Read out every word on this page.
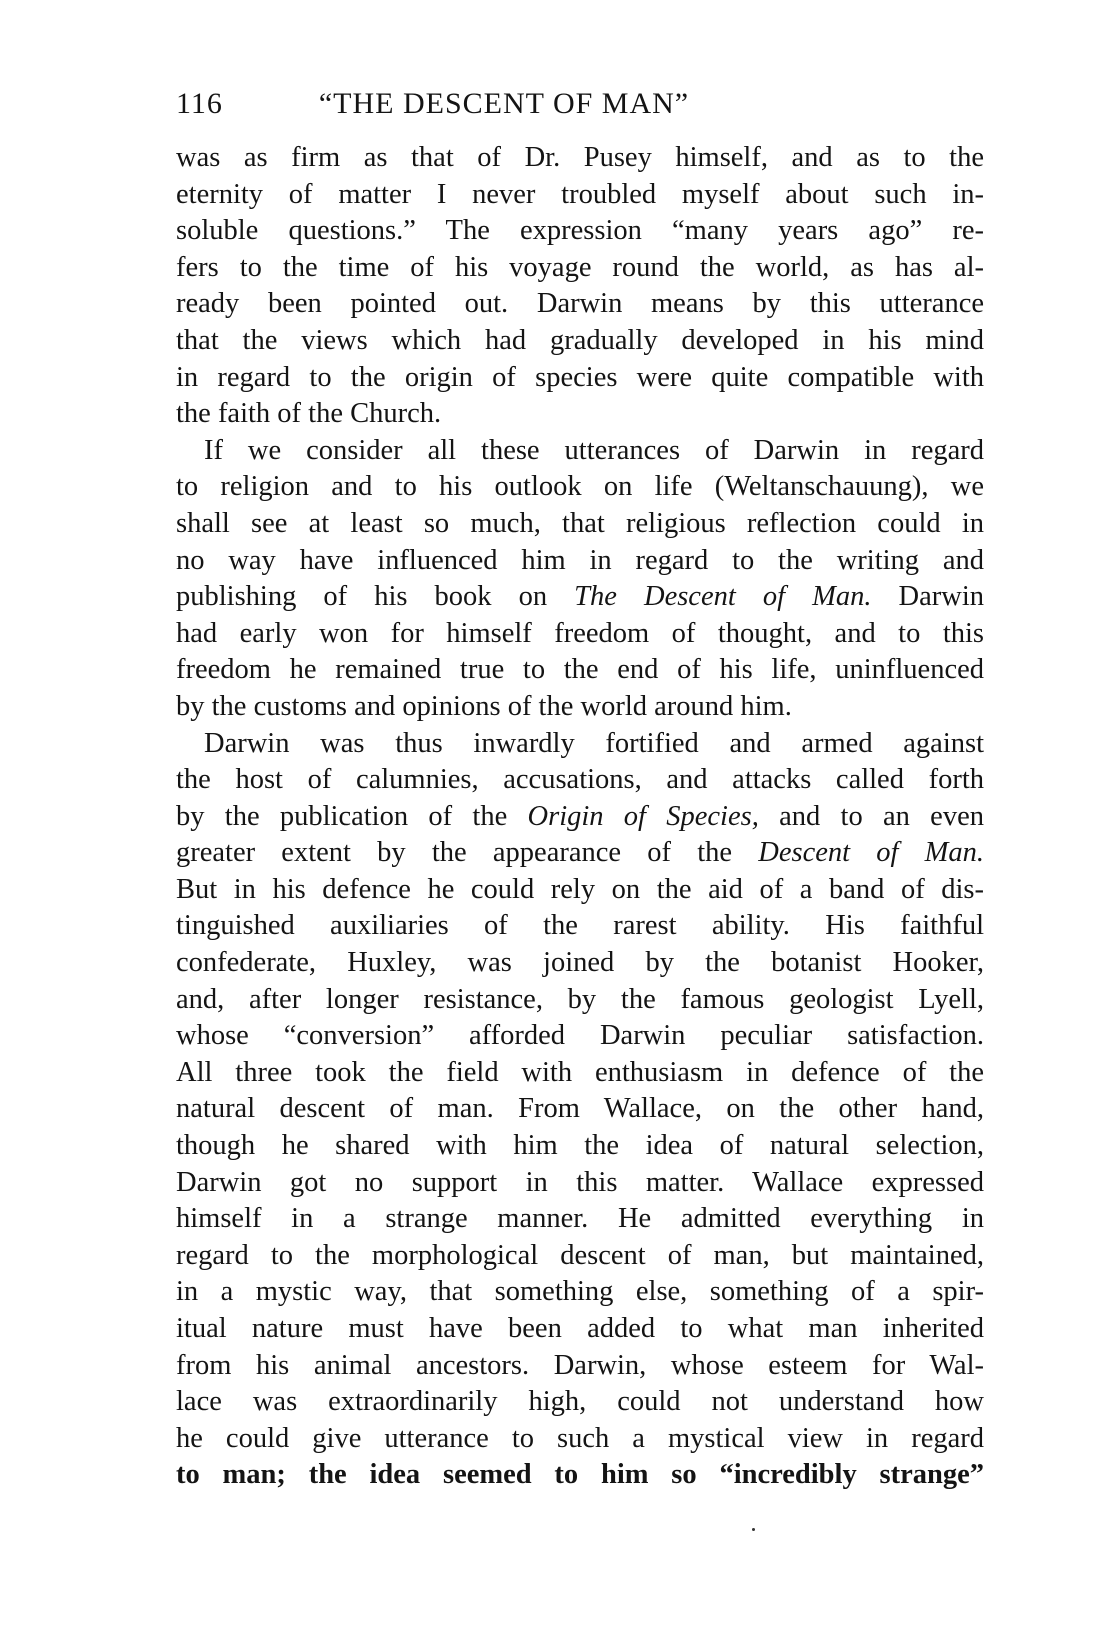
116	“THE DESCENT OF MAN”
was as firm as that of Dr. Pusey himself, and as to the
eternity of matter I never troubled myself about such in-
soluble questions.” The expression “many years ago” re-
fers to the time of his voyage round the world, as has al-
ready been pointed out. Darwin means by this utterance
that the views which had gradually developed in his mind
in regard to the origin of species were quite compatible with
the faith of the Church.
If we consider all these utterances of Darwin in regard
to religion and to his outlook on life (Weltanschauung), we
shall see at least so much, that religious reflection could in
no way have influenced him in regard to the writing and
publishing of his book on The Descent of Man. Darwin
had early won for himself freedom of thought, and to this
freedom he remained true to the end of his life, uninfluenced
by the customs and opinions of the world around him.
Darwin was thus inwardly fortified and armed against
the host of calumnies, accusations, and attacks called forth
by the publication of the Origin of Species, and to an even
greater extent by the appearance of the Descent of Man.
But in his defence he could rely on the aid of a band of dis-
tinguished auxiliaries of the rarest ability. His faithful
confederate, Huxley, was joined by the botanist Hooker,
and, after longer resistance, by the famous geologist Lyell,
whose “conversion” afforded Darwin peculiar satisfaction.
All three took the field with enthusiasm in defence of the
natural descent of man. From Wallace, on the other hand,
though he shared with him the idea of natural selection,
Darwin got no support in this matter. Wallace expressed
himself in a strange manner. He admitted everything in
regard to the morphological descent of man, but maintained,
in a mystic way, that something else, something of a spir-
itual nature must have been added to what man inherited
from his animal ancestors. Darwin, whose esteem for Wal-
lace was extraordinarily high, could not understand how
he could give utterance to such a mystical view in regard
to man; the idea seemed to him so “incredibly strange”
